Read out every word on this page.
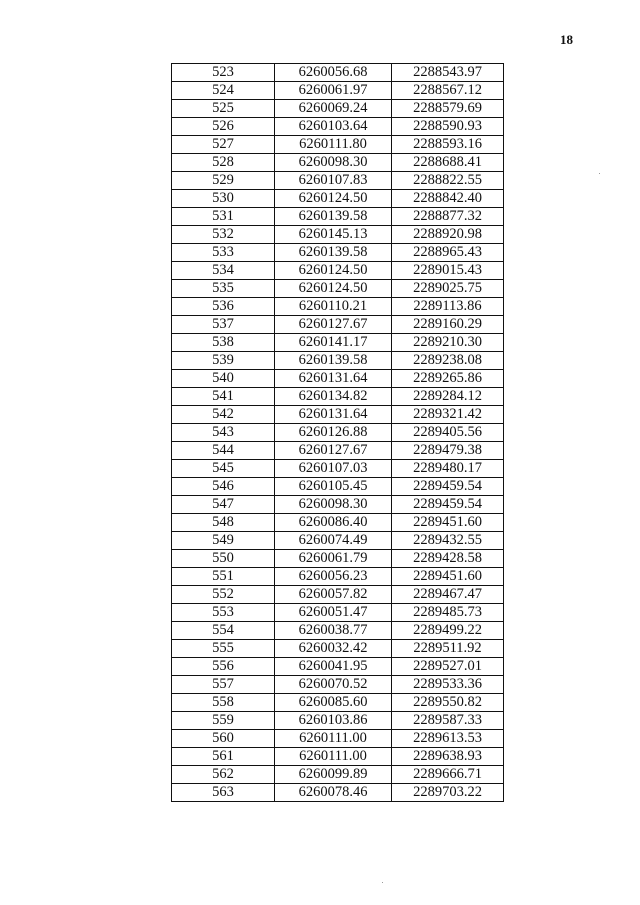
18
523	6260056.68	2288543.97
524	6260061.97	2288567.12
525	6260069.24	2288579.69
526	6260103.64	2288590.93
527	6260111.80	2288593.16
528	6260098.30	2288688.41
529	6260107.83	2288822.55
530	6260124.50	2288842.40
531	6260139.58	2288877.32
532	6260145.13	2288920.98
533	6260139.58	2288965.43
534	6260124.50	2289015.43
535	6260124.50	2289025.75
536	6260110.21	2289113.86
537	6260127.67	2289160.29
538	6260141.17	2289210.30
539	6260139.58	2289238.08
540	6260131.64	2289265.86
541	6260134.82	2289284.12
542	6260131.64	2289321.42
543	6260126.88	2289405.56
544	6260127.67	2289479.38
545	6260107.03	2289480.17
546	6260105.45	2289459.54
547	6260098.30	2289459.54
548	6260086.40	2289451.60
549	6260074.49	2289432.55
550	6260061.79	2289428.58
551	6260056.23	2289451.60
552	6260057.82	2289467.47
553	6260051.47	2289485.73
554	6260038.77	2289499.22
555	6260032.42	2289511.92
556	6260041.95	2289527.01
557	6260070.52	2289533.36
558	6260085.60	2289550.82
559	6260103.86	2289587.33
560	6260111.00	2289613.53
561	6260111.00	2289638.93
562	6260099.89	2289666.71
563	6260078.46	2289703.22
